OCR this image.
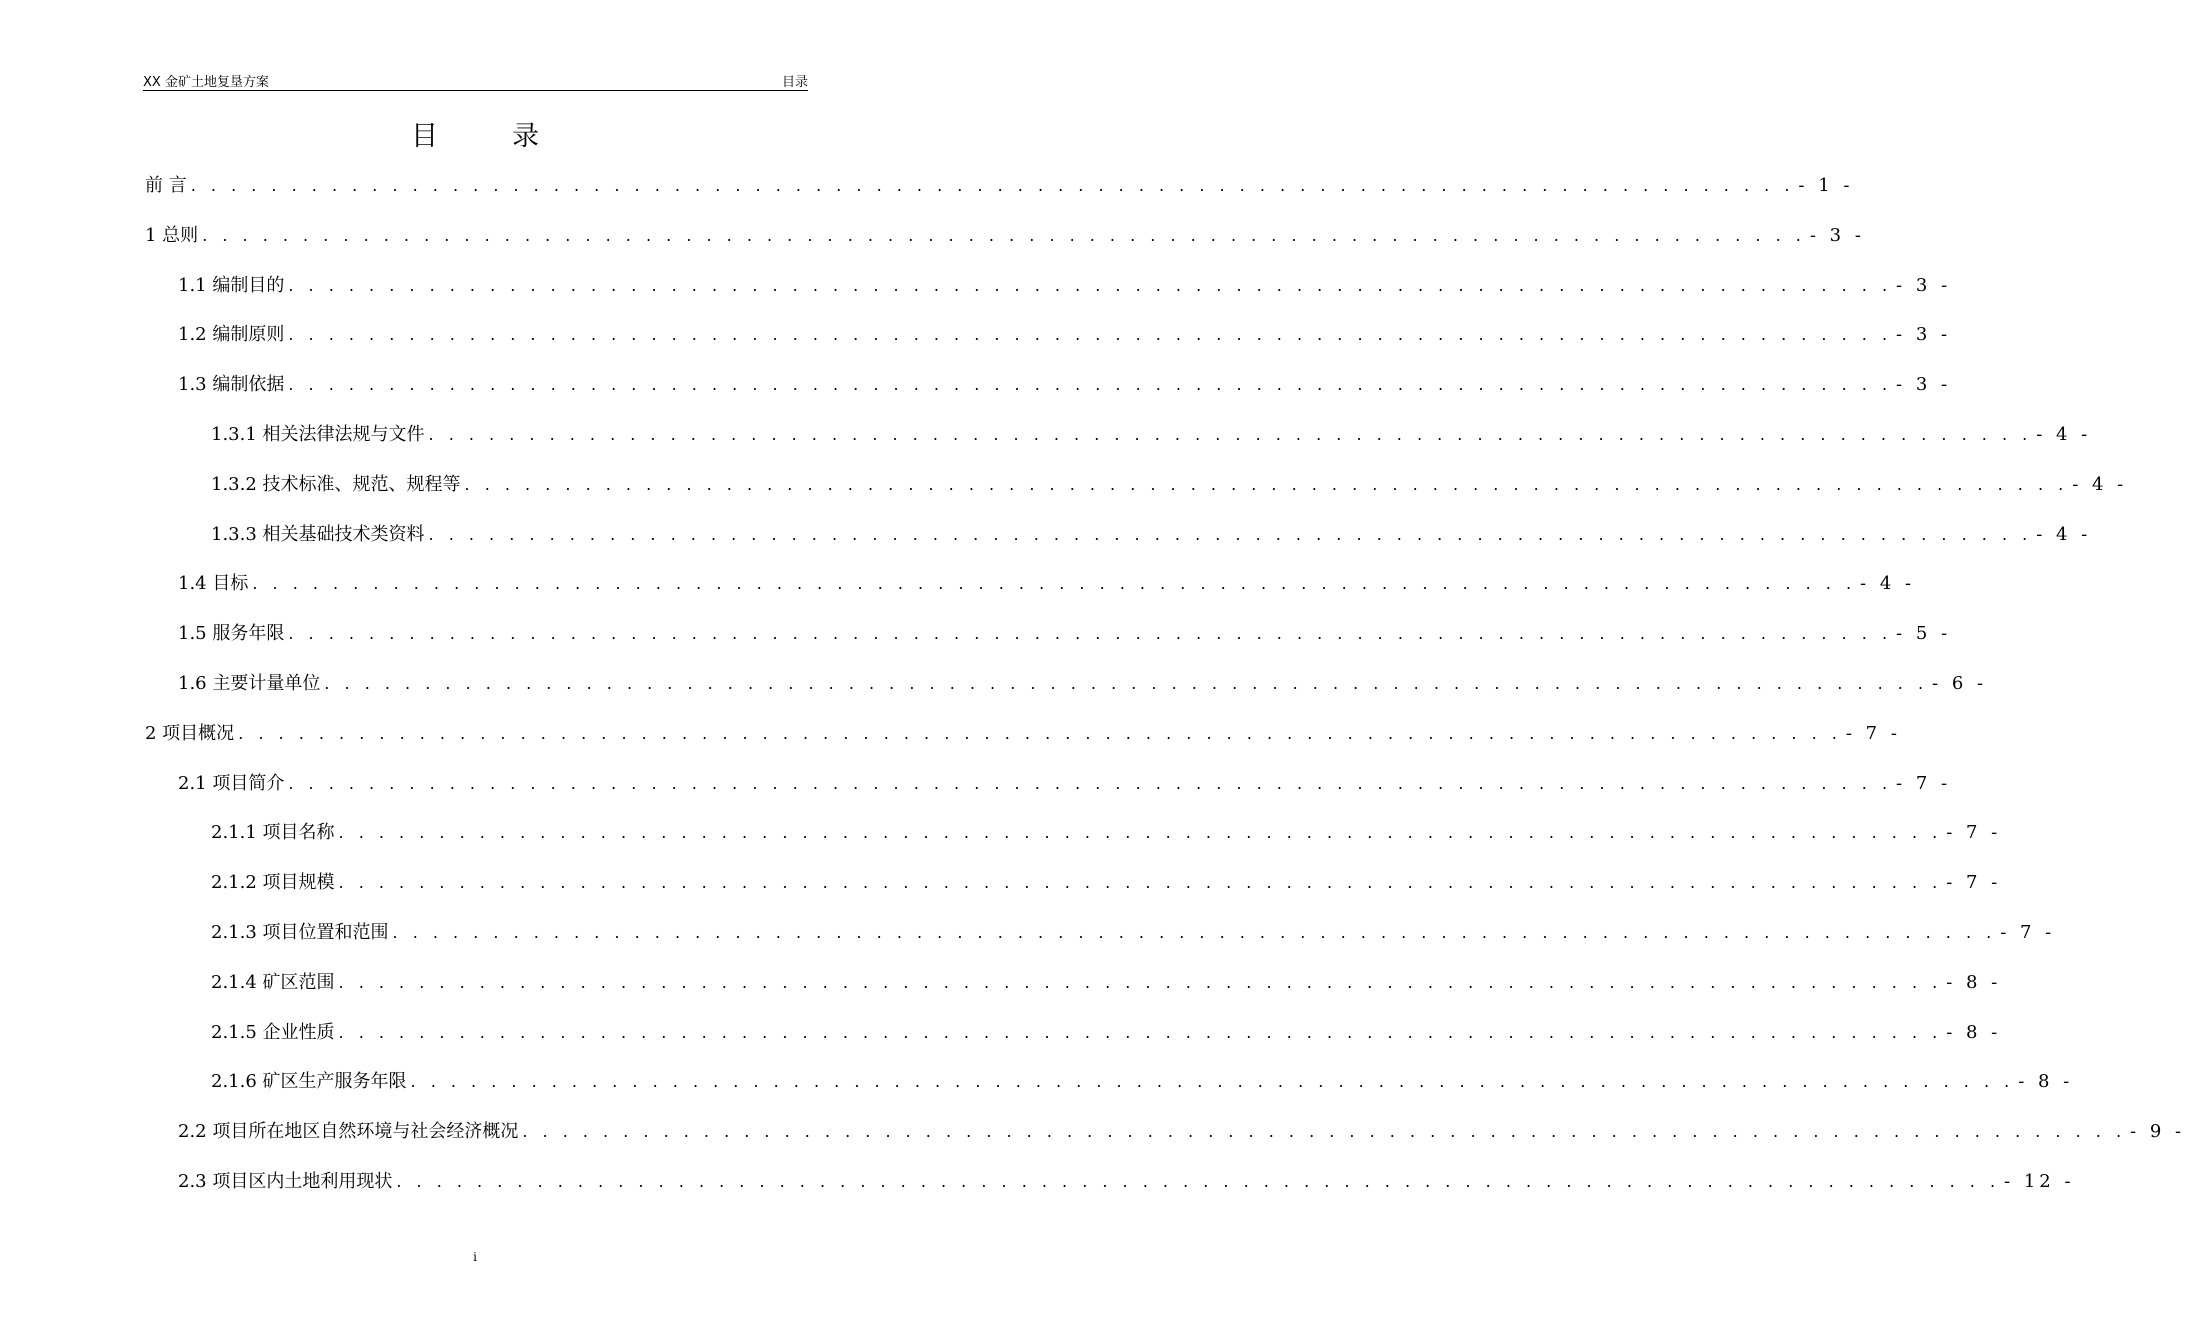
XX 金矿土地复垦方案	目录
目	录
前 言 . . . . . . . . . . . . . . . . . . . . . . . . . . . . . . . . . . . . . . . . . . . . . . . . . . . . . . . . . . . . . . . . . . . . . . . . . . . . . . . . - 1 -
1 总则 . . . . . . . . . . . . . . . . . . . . . . . . . . . . . . . . . . . . . . . . . . . . . . . . . . . . . . . . . . . . . . . . . . . . . . . . . . . . . . . . - 3 -
1.1 编制目的 . . . . . . . . . . . . . . . . . . . . . . . . . . . . . . . . . . . . . . . . . . . . . . . . . . . . . . . . . . . . . . . . . . . . . . . . . . . . . . . . - 3 -
1.2 编制原则 . . . . . . . . . . . . . . . . . . . . . . . . . . . . . . . . . . . . . . . . . . . . . . . . . . . . . . . . . . . . . . . . . . . . . . . . . . . . . . . . - 3 -
1.3 编制依据 . . . . . . . . . . . . . . . . . . . . . . . . . . . . . . . . . . . . . . . . . . . . . . . . . . . . . . . . . . . . . . . . . . . . . . . . . . . . . . . . - 3 -
1.3.1 相关法律法规与文件 . . . . . . . . . . . . . . . . . . . . . . . . . . . . . . . . . . . . . . . . . . . . . . . . . . . . . . . . . . . . . . . . . . . . . . . . . . . . . . . . - 4 -
1.3.2 技术标准、规范、规程等 . . . . . . . . . . . . . . . . . . . . . . . . . . . . . . . . . . . . . . . . . . . . . . . . . . . . . . . . . . . . . . . . . . . . . . . . . . . . . . . . - 4 -
1.3.3 相关基础技术类资料 . . . . . . . . . . . . . . . . . . . . . . . . . . . . . . . . . . . . . . . . . . . . . . . . . . . . . . . . . . . . . . . . . . . . . . . . . . . . . . . . - 4 -
1.4 目标 . . . . . . . . . . . . . . . . . . . . . . . . . . . . . . . . . . . . . . . . . . . . . . . . . . . . . . . . . . . . . . . . . . . . . . . . . . . . . . . . - 4 -
1.5 服务年限 . . . . . . . . . . . . . . . . . . . . . . . . . . . . . . . . . . . . . . . . . . . . . . . . . . . . . . . . . . . . . . . . . . . . . . . . . . . . . . . . - 5 -
1.6 主要计量单位 . . . . . . . . . . . . . . . . . . . . . . . . . . . . . . . . . . . . . . . . . . . . . . . . . . . . . . . . . . . . . . . . . . . . . . . . . . . . . . . . - 6 -
2 项目概况 . . . . . . . . . . . . . . . . . . . . . . . . . . . . . . . . . . . . . . . . . . . . . . . . . . . . . . . . . . . . . . . . . . . . . . . . . . . . . . . . - 7 -
2.1 项目简介 . . . . . . . . . . . . . . . . . . . . . . . . . . . . . . . . . . . . . . . . . . . . . . . . . . . . . . . . . . . . . . . . . . . . . . . . . . . . . . . . - 7 -
2.1.1 项目名称 . . . . . . . . . . . . . . . . . . . . . . . . . . . . . . . . . . . . . . . . . . . . . . . . . . . . . . . . . . . . . . . . . . . . . . . . . . . . . . . . - 7 -
2.1.2 项目规模 . . . . . . . . . . . . . . . . . . . . . . . . . . . . . . . . . . . . . . . . . . . . . . . . . . . . . . . . . . . . . . . . . . . . . . . . . . . . . . . . - 7 -
2.1.3 项目位置和范围 . . . . . . . . . . . . . . . . . . . . . . . . . . . . . . . . . . . . . . . . . . . . . . . . . . . . . . . . . . . . . . . . . . . . . . . . . . . . . . . . - 7 -
2.1.4 矿区范围 . . . . . . . . . . . . . . . . . . . . . . . . . . . . . . . . . . . . . . . . . . . . . . . . . . . . . . . . . . . . . . . . . . . . . . . . . . . . . . . . - 8 -
2.1.5 企业性质 . . . . . . . . . . . . . . . . . . . . . . . . . . . . . . . . . . . . . . . . . . . . . . . . . . . . . . . . . . . . . . . . . . . . . . . . . . . . . . . . - 8 -
2.1.6 矿区生产服务年限 . . . . . . . . . . . . . . . . . . . . . . . . . . . . . . . . . . . . . . . . . . . . . . . . . . . . . . . . . . . . . . . . . . . . . . . . . . . . . . . . - 8 -
2.2 项目所在地区自然环境与社会经济概况 . . . . . . . . . . . . . . . . . . . . . . . . . . . . . . . . . . . . . . . . . . . . . . . . . . . . . . . . . . . . . . . . . . . . . . . . . . . . . . . . - 9 -
2.3 项目区内土地利用现状 . . . . . . . . . . . . . . . . . . . . . . . . . . . . . . . . . . . . . . . . . . . . . . . . . . . . . . . . . . . . . . . . . . . . . . . . . . . . . . . . - 12 -
i
